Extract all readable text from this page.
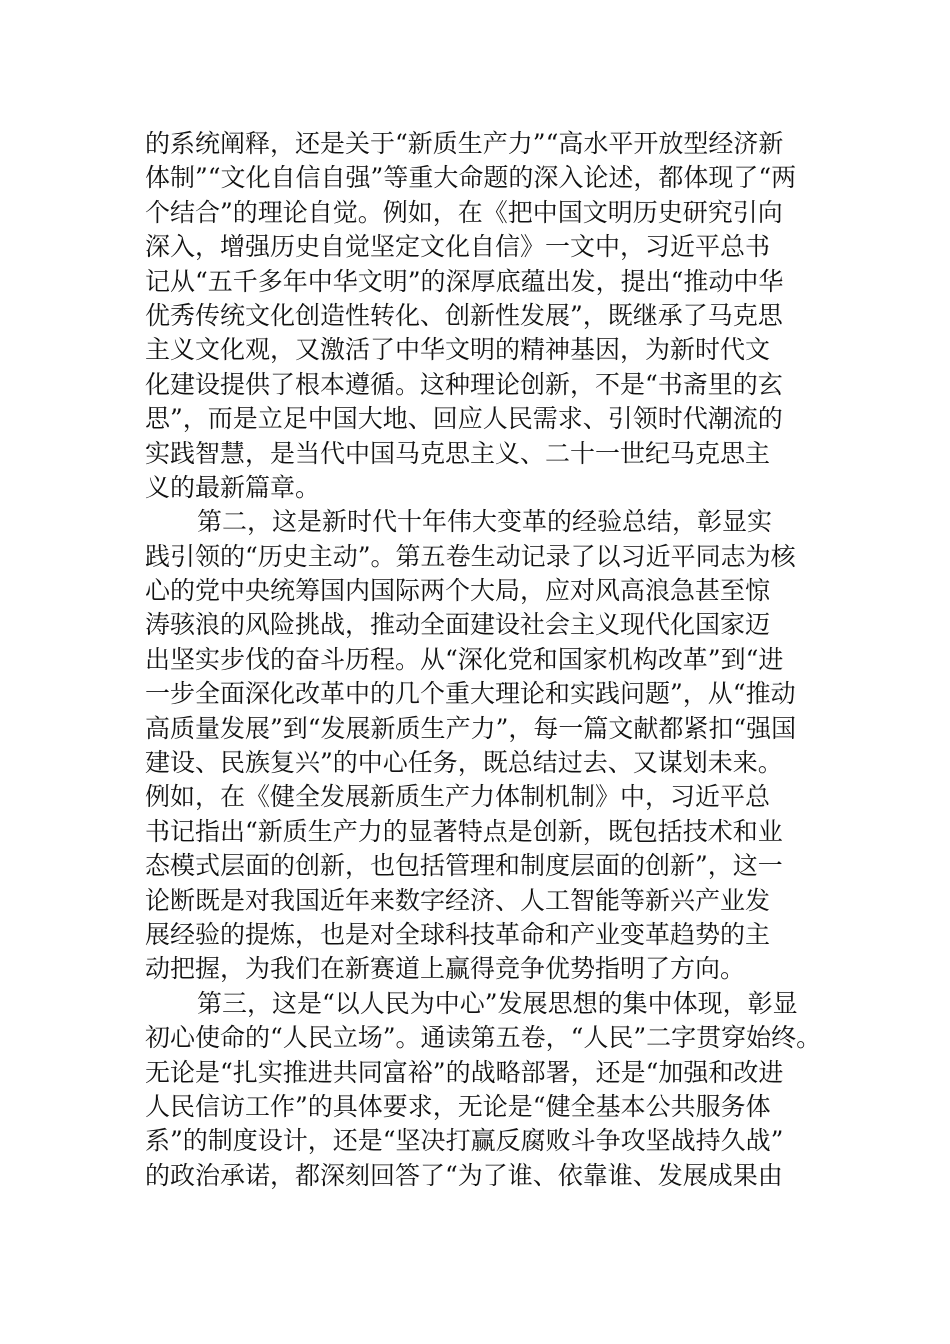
的系统阐释，还是关于“新质生产力”“高水平开放型经济新
体制”“文化自信自强”等重大命题的深入论述，都体现了“两
个结合”的理论自觉。例如，在《把中国文明历史研究引向
深入，增强历史自觉坚定文化自信》一文中，习近平总书
记从“五千多年中华文明”的深厚底蕴出发，提出“推动中华
优秀传统文化创造性转化、创新性发展”，既继承了马克思
主义文化观，又激活了中华文明的精神基因，为新时代文
化建设提供了根本遵循。这种理论创新，不是“书斋里的玄
思”，而是立足中国大地、回应人民需求、引领时代潮流的
实践智慧，是当代中国马克思主义、二十一世纪马克思主
义的最新篇章。
第二，这是新时代十年伟大变革的经验总结，彰显实
践引领的“历史主动”。第五卷生动记录了以习近平同志为核
心的党中央统筹国内国际两个大局，应对风高浪急甚至惊
涛骇浪的风险挑战，推动全面建设社会主义现代化国家迈
出坚实步伐的奋斗历程。从“深化党和国家机构改革”到“进
一步全面深化改革中的几个重大理论和实践问题”，从“推动
高质量发展”到“发展新质生产力”，每一篇文献都紧扣“强国
建设、民族复兴”的中心任务，既总结过去、又谋划未来。
例如，在《健全发展新质生产力体制机制》中，习近平总
书记指出“新质生产力的显著特点是创新，既包括技术和业
态模式层面的创新，也包括管理和制度层面的创新”，这一
论断既是对我国近年来数字经济、人工智能等新兴产业发
展经验的提炼，也是对全球科技革命和产业变革趋势的主
动把握，为我们在新赛道上赢得竞争优势指明了方向。
第三，这是“以人民为中心”发展思想的集中体现，彰显
初心使命的“人民立场”。通读第五卷，“人民”二字贯穿始终。
无论是“扎实推进共同富裕”的战略部署，还是“加强和改进
人民信访工作”的具体要求，无论是“健全基本公共服务体
系”的制度设计，还是“坚决打赢反腐败斗争攻坚战持久战”
的政治承诺，都深刻回答了“为了谁、依靠谁、发展成果由
